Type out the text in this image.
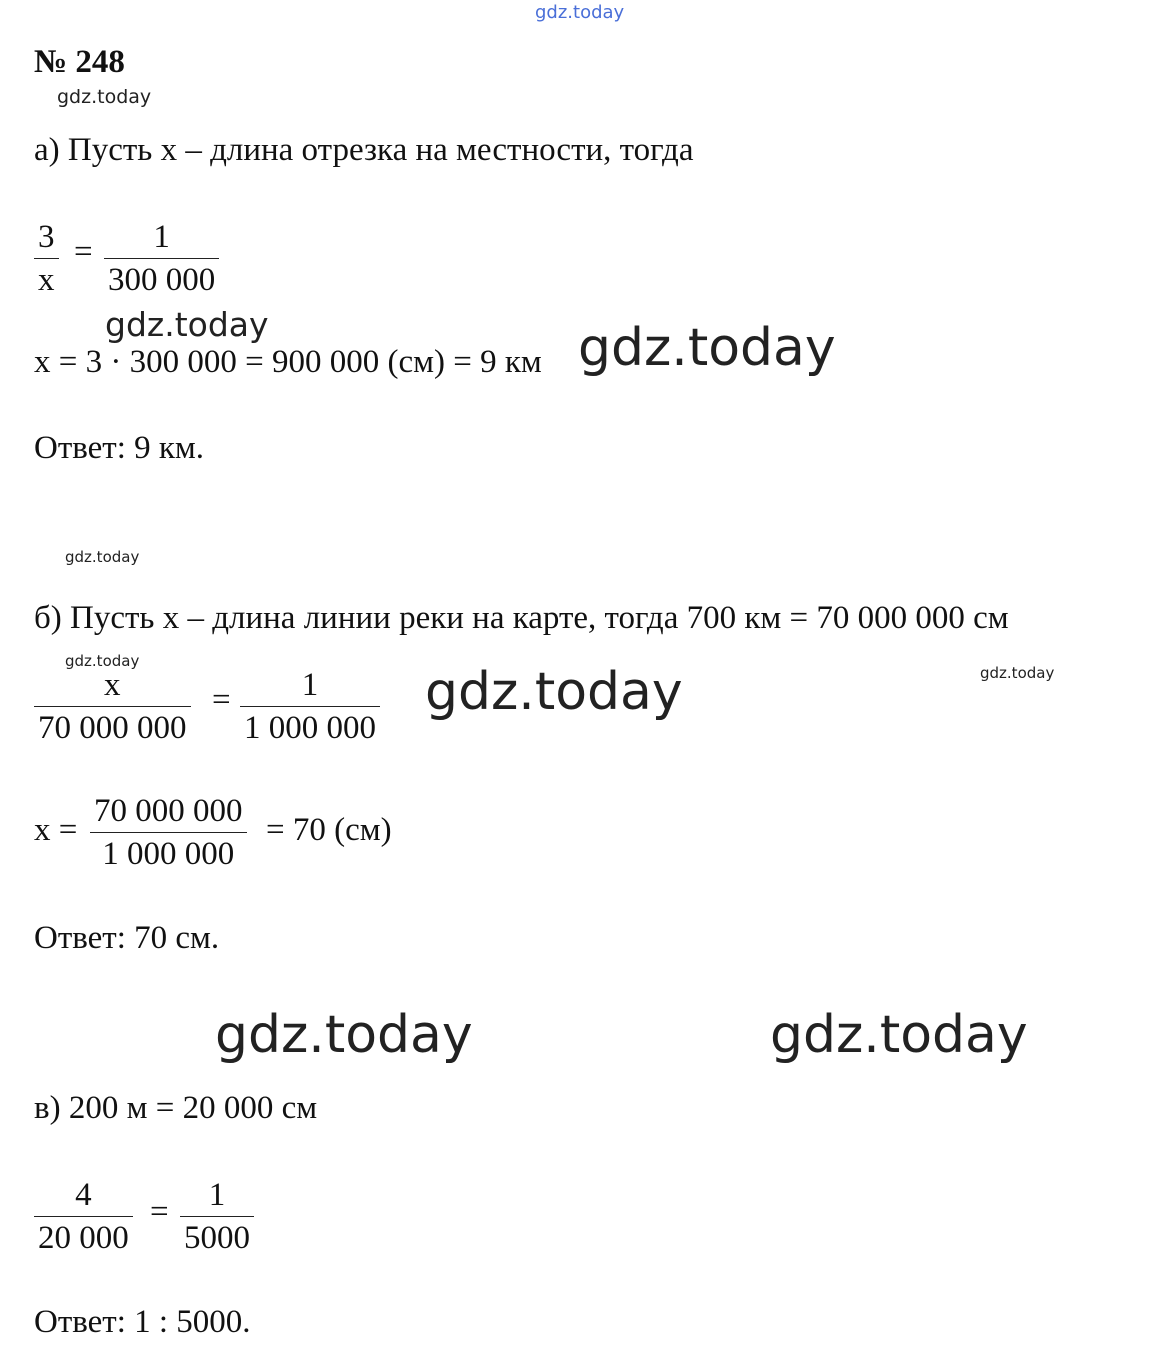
gdz.today
gdz.today
gdz.today	gdz.today
gdz.today
gdz.today
gdz.today	gdz.today
gdz.today	gdz.today
№ 248
а) Пусть x – длина отрезка на местности, тогда
3
x
= 1
300 000
x = 3 · 300 000 = 900 000 (см) = 9 км
Ответ: 9 км.
б) Пусть x – длина линии реки на карте, тогда 700 км = 70 000 000 см
x
70 000 000
= 1
1 000 000
x =
70 000 000
1 000 000
= 70 (см)
Ответ: 70 см.
в) 200 м = 20 000 см
4
20 000
= 1
5000
Ответ: 1 : 5000.
